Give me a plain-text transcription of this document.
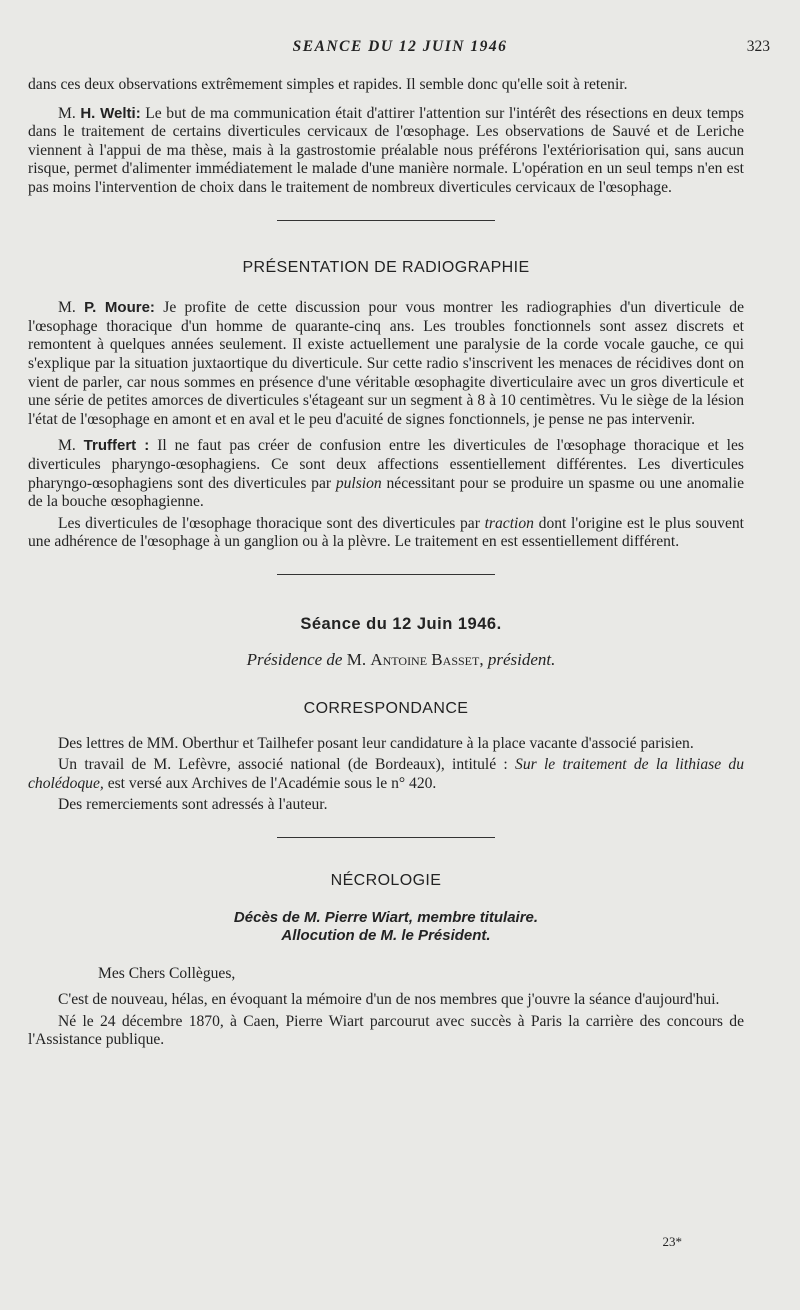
SEANCE DU 12 JUIN 1946	323

dans ces deux observations extrêmement simples et rapides. Il semble donc qu'elle soit à retenir.

M. H. Welti: Le but de ma communication était d'attirer l'attention sur l'intérêt des résections en deux temps dans le traitement de certains diverticules cervicaux de l'œsophage. Les observations de Sauvé et de Leriche viennent à l'appui de ma thèse, mais à la gastrostomie préalable nous préférons l'extériorisation qui, sans aucun risque, permet d'alimenter immédiatement le malade d'une manière normale. L'opération en un seul temps n'en est pas moins l'intervention de choix dans le traitement de nombreux diverticules cervicaux de l'œsophage.

PRÉSENTATION DE RADIOGRAPHIE

M. P. Moure: Je profite de cette discussion pour vous montrer les radiographies d'un diverticule de l'œsophage thoracique d'un homme de quarante-cinq ans. Les troubles fonctionnels sont assez discrets et remontent à quelques années seulement. Il existe actuellement une paralysie de la corde vocale gauche, ce qui s'explique par la situation juxtaortique du diverticule. Sur cette radio s'inscrivent les menaces de récidives dont on vient de parler, car nous sommes en présence d'une véritable œsophagite diverticulaire avec un gros diverticule et une série de petites amorces de diverticules s'étageant sur un segment à 8 à 10 centimètres. Vu le siège de la lésion l'état de l'œsophage en amont et en aval et le peu d'acuité de signes fonctionnels, je pense ne pas intervenir.

M. Truffert : Il ne faut pas créer de confusion entre les diverticules de l'œsophage thoracique et les diverticules pharyngo-œsophagiens. Ce sont deux affections essentiellement différentes. Les diverticules pharyngo-œsophagiens sont des diverticules par pulsion nécessitant pour se produire un spasme ou une anomalie de la bouche œsophagienne.

Les diverticules de l'œsophage thoracique sont des diverticules par traction dont l'origine est le plus souvent une adhérence de l'œsophage à un ganglion ou à la plèvre. Le traitement en est essentiellement différent.

Séance du 12 Juin 1946.

Présidence de M. Antoine Basset, président.

CORRESPONDANCE

Des lettres de MM. Oberthur et Tailhefer posant leur candidature à la place vacante d'associé parisien.

Un travail de M. Lefèvre, associé national (de Bordeaux), intitulé : Sur le traitement de la lithiase du cholédoque, est versé aux Archives de l'Académie sous le n° 420.

Des remerciements sont adressés à l'auteur.

NÉCROLOGIE

Décès de M. Pierre Wiart, membre titulaire.
Allocution de M. le Président.

Mes Chers Collègues,

C'est de nouveau, hélas, en évoquant la mémoire d'un de nos membres que j'ouvre la séance d'aujourd'hui.

Né le 24 décembre 1870, à Caen, Pierre Wiart parcourut avec succès à Paris la carrière des concours de l'Assistance publique.

23*
